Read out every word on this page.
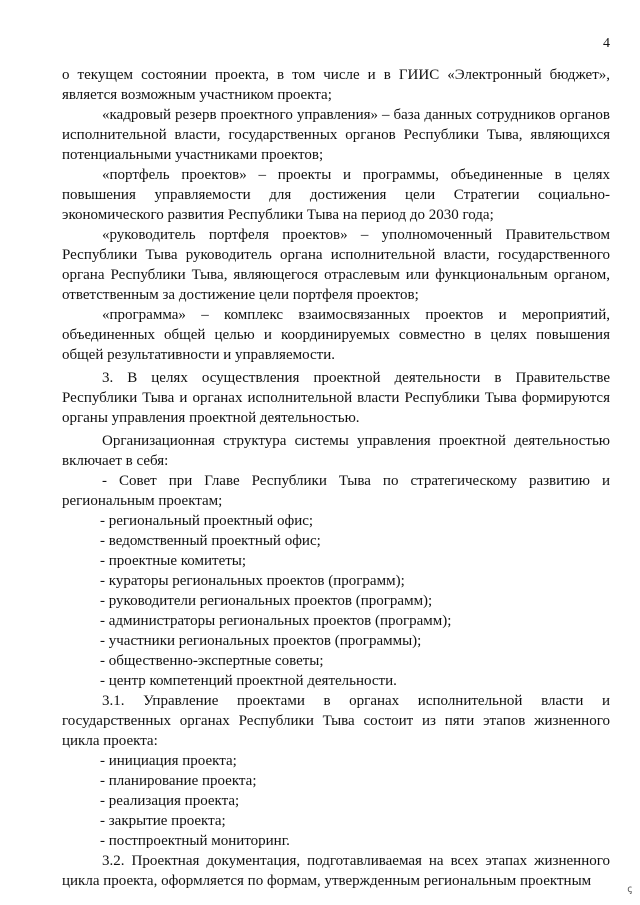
4

о текущем состоянии проекта, в том числе и в ГИИС «Электронный бюджет», является возможным участником проекта;

«кадровый резерв проектного управления» – база данных сотрудников органов исполнительной власти, государственных органов Республики Тыва, являющихся потенциальными участниками проектов;

«портфель проектов» – проекты и программы, объединенные в целях повышения управляемости для достижения цели Стратегии социально-экономического развития Республики Тыва на период до 2030 года;

«руководитель портфеля проектов» – уполномоченный Правительством Республики Тыва руководитель органа исполнительной власти, государственного органа Республики Тыва, являющегося отраслевым или функциональным органом, ответственным за достижение цели портфеля проектов;

«программа» – комплекс взаимосвязанных проектов и мероприятий, объединенных общей целью и координируемых совместно в целях повышения общей результативности и управляемости.

3. В целях осуществления проектной деятельности в Правительстве Республики Тыва и органах исполнительной власти Республики Тыва формируются органы управления проектной деятельностью.

Организационная структура системы управления проектной деятельностью включает в себя:

- Совет при Главе Республики Тыва по стратегическому развитию и региональным проектам;

- региональный проектный офис;

- ведомственный проектный офис;

- проектные комитеты;

- кураторы региональных проектов (программ);

- руководители региональных проектов (программ);

- администраторы региональных проектов (программ);

- участники региональных проектов (программы);

- общественно-экспертные советы;

- центр компетенций проектной деятельности.

3.1. Управление проектами в органах исполнительной власти и государственных органах Республики Тыва состоит из пяти этапов жизненного цикла проекта:

- инициация проекта;

- планирование проекта;

- реализация проекта;

- закрытие проекта;

- постпроектный мониторинг.

3.2. Проектная документация, подготавливаемая на всех этапах жизненного цикла проекта, оформляется по формам, утвержденным региональным проектным

ꞔ
